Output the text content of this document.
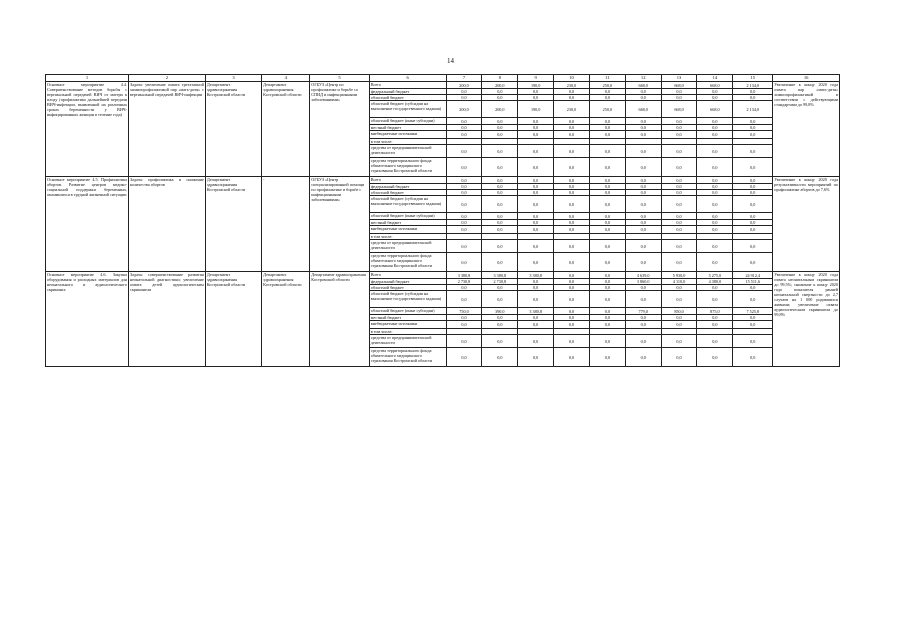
14
1	2	3	4	5	6	7	8	9	10	11	12	13	14	15	16
Основное мероприятие 4.4. Совершенствование методов борьбы с вертикальной передачей ВИЧ от матери к плоду (профилактика дальнейшей передачи ВИЧ-инфекции, выявленной на различных сроках беременности у ВИЧ-инфицированных женщин в течение года)	Задача: увеличение охвата трехэтапной химиопрофилактикой пар «мать-дитя» с вертикальной передачей ВИЧ-инфекции	Департамент здравоохранения Костромской области	Департамент здравоохранения Костромской области	ОГБУЗ «Центр по профилактике и борьбе со СПИД и инфекционными заболеваниями»	Всего	200,0	200,0	190,0	230,0	250,0	668,0	668,0	668,0	2 134,0	Увеличение к концу 2020 года охвата пар «мать-дитя» химиопрофилактикой в соответствии с действующими стандартами до 99,8%
					федеральный бюджет	0,0	0,0	0,0	0,0	0,0	0,0	0,0	0,0	0,0	
					областной бюджет	0,0	0,0	0,0	0,0	0,0	0,0	0,0	0,0	0,0	
					областной бюджет (субсидии на выполнение государственного задания)	200,0	200,0	190,0	230,0	250,0	668,0	668,0	668,0	2 134,0	
					областной бюджет (иные субсидии)	0,0	0,0	0,0	0,0	0,0	0,0	0,0	0,0	0,0	
					местный бюджет	0,0	0,0	0,0	0,0	0,0	0,0	0,0	0,0	0,0	
					внебюджетные источники	0,0	0,0	0,0	0,0	0,0	0,0	0,0	0,0	0,0	
					в том числе:										
					средства от предпринимательской деятельности	0,0	0,0	0,0	0,0	0,0	0,0	0,0	0,0	0,0	
					средства территориального фонда обязательного медицинского страхования Костромской области	0,0	0,0	0,0	0,0	0,0	0,0	0,0	0,0	0,0	
Основное мероприятие 4.5. Профилактика абортов. Развитие центров медико-социальной поддержки беременных, оказавшихся в трудной жизненной ситуации	Задача: профилактика и снижение количества абортов	Департамент здравоохранения Костромской области	-	ОГБУЗ «Центр специализированной помощи по профилактике и борьбе с инфекционными заболеваниями»	Всего	0,0	0,0	0,0	0,0	0,0	0,0	0,0	0,0	0,0	Увеличение к концу 2020 года результативности мероприятий по профилактике абортов до 7,6%
					федеральный бюджет	0,0	0,0	0,0	0,0	0,0	0,0	0,0	0,0	0,0	
					областной бюджет	0,0	0,0	0,0	0,0	0,0	0,0	0,0	0,0	0,0	
					областной бюджет (субсидии на выполнение государственного задания)	0,0	0,0	0,0	0,0	0,0	0,0	0,0	0,0	0,0	
					областной бюджет (иные субсидии)	0,0	0,0	0,0	0,0	0,0	0,0	0,0	0,0	0,0	
					местный бюджет	0,0	0,0	0,0	0,0	0,0	0,0	0,0	0,0	0,0	
					внебюджетные источники	0,0	0,0	0,0	0,0	0,0	0,0	0,0	0,0	0,0	
					в том числе:										
					средства от предпринимательской деятельности	0,0	0,0	0,0	0,0	0,0	0,0	0,0	0,0	0,0	
					средства территориального фонда обязательного медицинского страхования Костромской области	0,0	0,0	0,0	0,0	0,0	0,0	0,0	0,0	0,0	
Основное мероприятие 4.6. Закупка оборудования и расходных материалов для неонатального и аудиологического скрининга	Задача: совершенствование развития неонатальной диагностики; увеличение охвата детей аудиологическим скринингом	Департамент здравоохранения Костромской области	Департамент здравоохранения Костромской области	Департамент здравоохранения Костромской области	Всего	3 380,8	3 380,8	3 380,8	0,0	0,0	4 639,0	5 930,0	5 275,0	24 912,4	Увеличение к концу 2020 года охвата неонатальным скринингом до 99,5%; снижение к концу 2020 года показателя ранней неонатальной смертности до 2,7 случаев на 1 000 родившихся живыми; увеличение охвата аудиологическим скринингом до 99,8%
					федеральный бюджет	2 730,8	2 730,8	0,0	0,0	0,0	3 860,0	4 110,0	4 380,0	15 511,6	
					областной бюджет	0,0	0,0	0,0	0,0	0,0	0,0	0,0	0,0	0,0	
					областной бюджет (субсидии на выполнение государственного задания)	0,0	0,0	0,0	0,0	0,0	0,0	0,0	0,0	0,0	
					областной бюджет (иные субсидии)	750,0	390,0	3 380,8	0,0	0,0	779,0	850,0	875,0	7 525,8	
					местный бюджет	0,0	0,0	0,0	0,0	0,0	0,0	0,0	0,0	0,0	
					внебюджетные источники	0,0	0,0	0,0	0,0	0,0	0,0	0,0	0,0	0,0	
					в том числе:										
					средства от предпринимательской деятельности	0,0	0,0	0,0	0,0	0,0	0,0	0,0	0,0	0,0	
					средства территориального фонда обязательного медицинского страхования Костромской области	0,0	0,0	0,0	0,0	0,0	0,0	0,0	0,0	0,0	
